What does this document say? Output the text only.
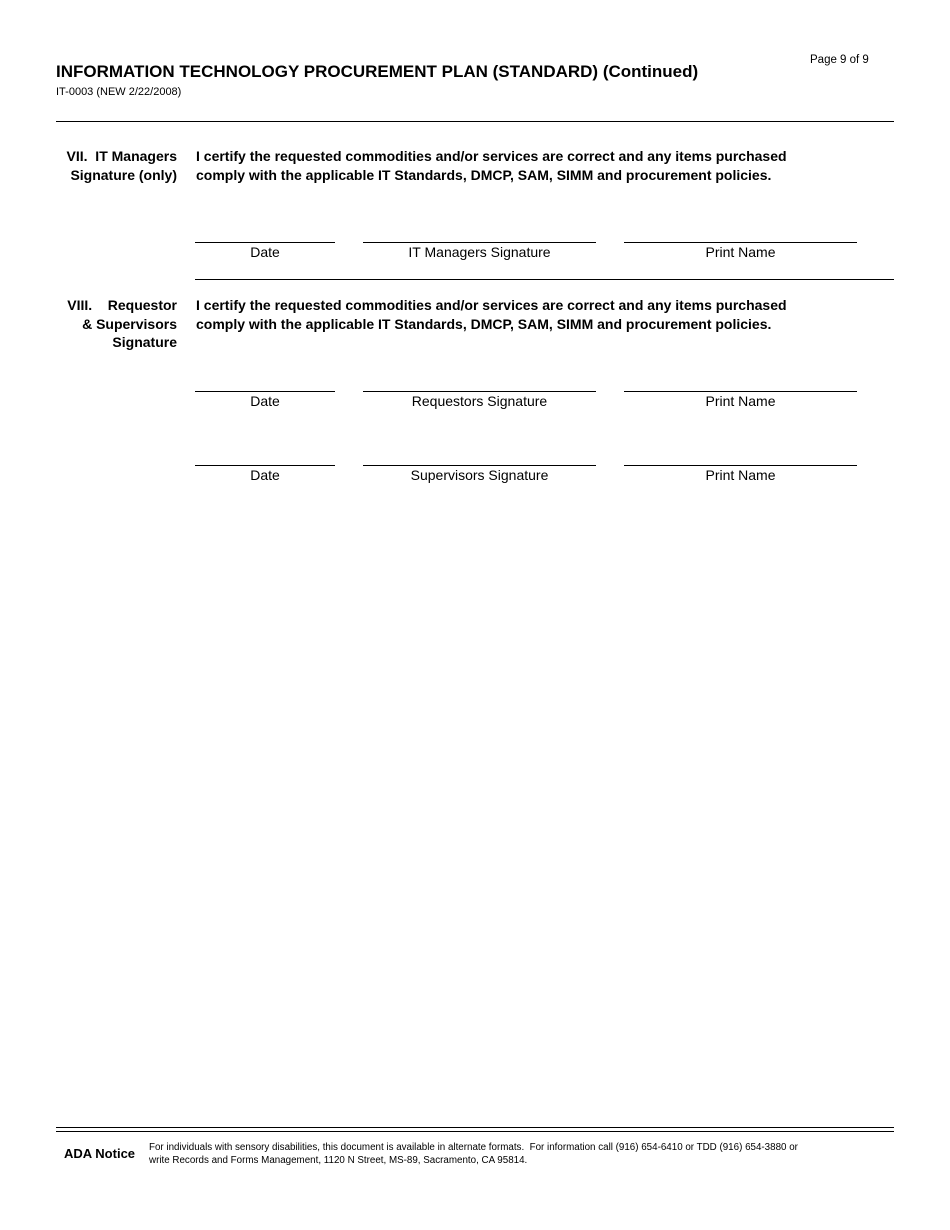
INFORMATION TECHNOLOGY PROCUREMENT PLAN (STANDARD) (Continued)
IT-0003 (NEW 2/22/2008)
Page 9 of 9
VII.  IT Managers
Signature (only)
I certify the requested commodities and/or services are correct and any items purchased
comply with the applicable IT Standards, DMCP, SAM, SIMM and procurement policies.
Date	IT Managers Signature	Print Name
VIII.    Requestor
& Supervisors
Signature
I certify the requested commodities and/or services are correct and any items purchased
comply with the applicable IT Standards, DMCP, SAM, SIMM and procurement policies.
Date	Requestors Signature	Print Name
Date	Supervisors Signature	Print Name
ADA Notice For individuals with sensory disabilities, this document is available in alternate formats.  For information call (916) 654-6410 or TDD (916) 654-3880 or
write Records and Forms Management, 1120 N Street, MS-89, Sacramento, CA 95814.
